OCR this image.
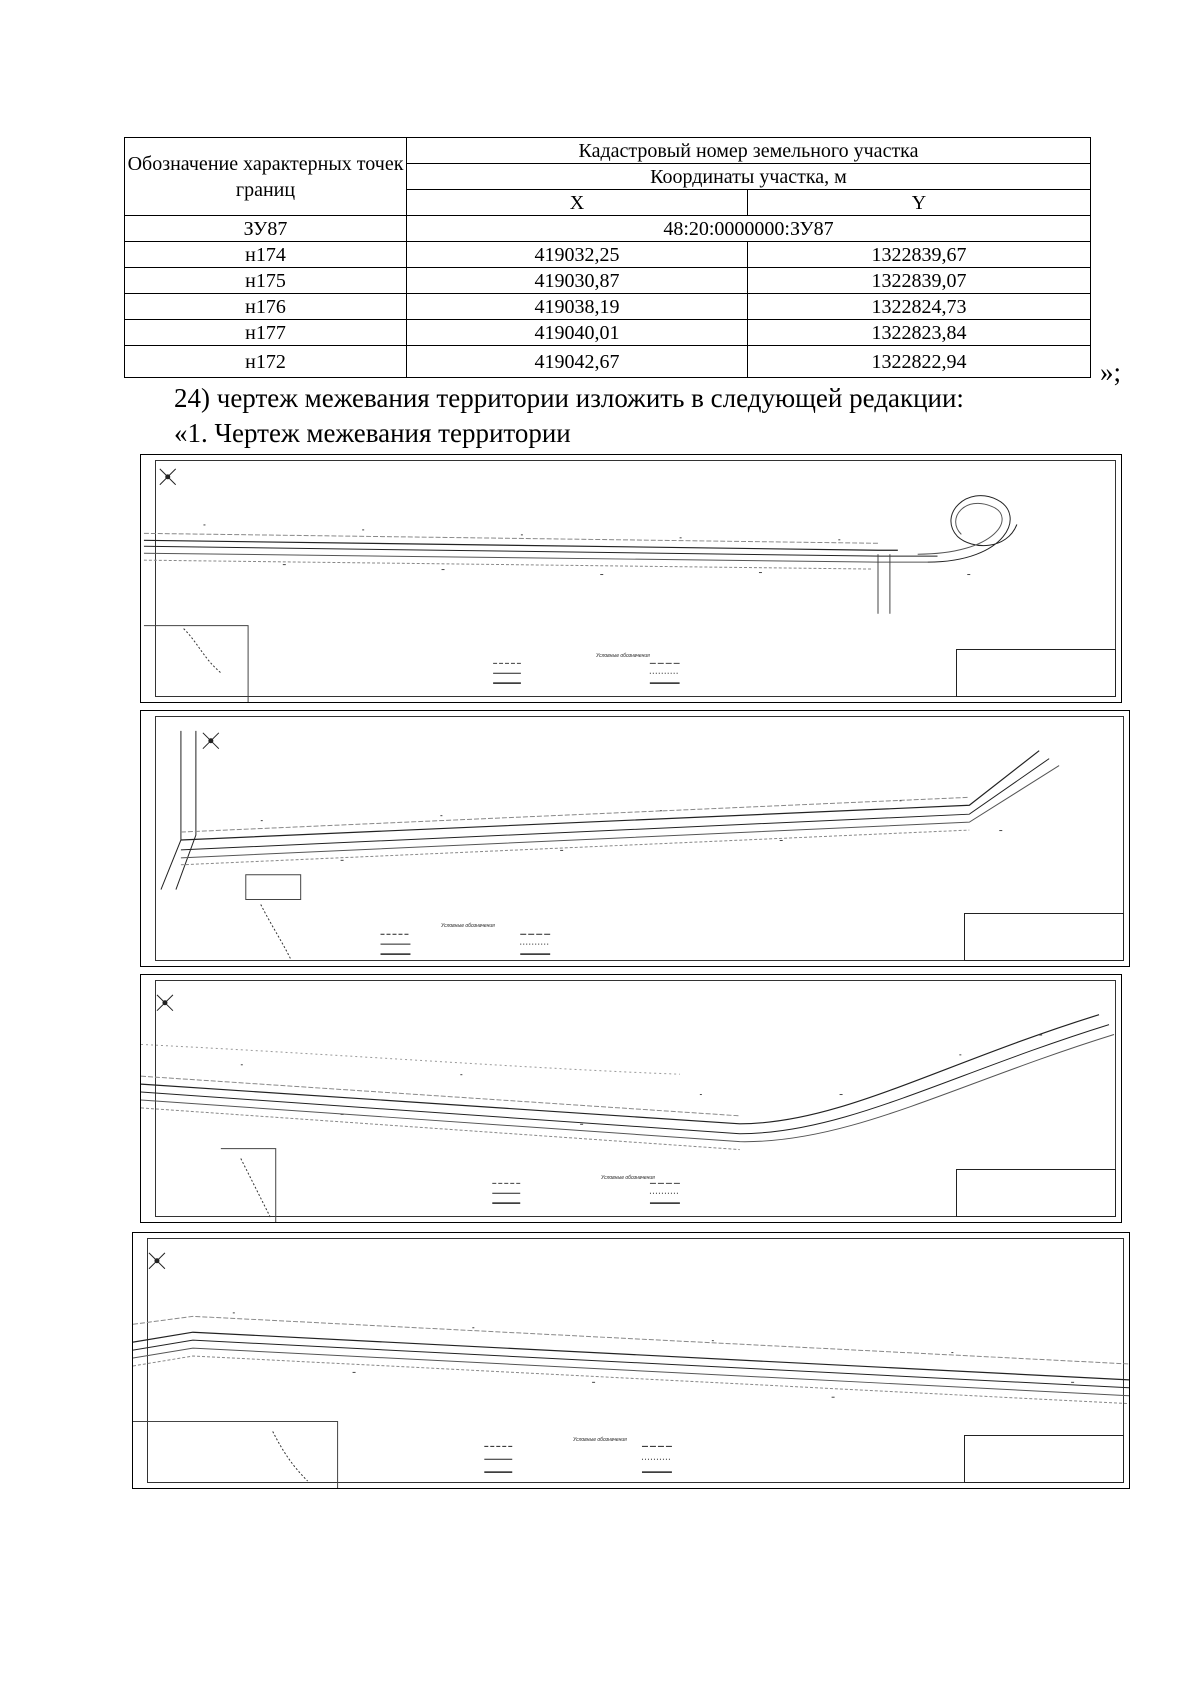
Обозначение характерных точек границ	Кадастровый номер земельного участка	
	Координаты участка, м	
	X	Y
ЗУ87	48:20:0000000:ЗУ87	
н174	419032,25	1322839,67
н175	419030,87	1322839,07
н176	419038,19	1322824,73
н177	419040,01	1322823,84
н172	419042,67	1322822,94	»;
24) чертеж межевания территории изложить в следующей редакции:
«1. Чертеж межевания территории
Условные обозначения
Условные обозначения
Условные обозначения
Условные обозначения
